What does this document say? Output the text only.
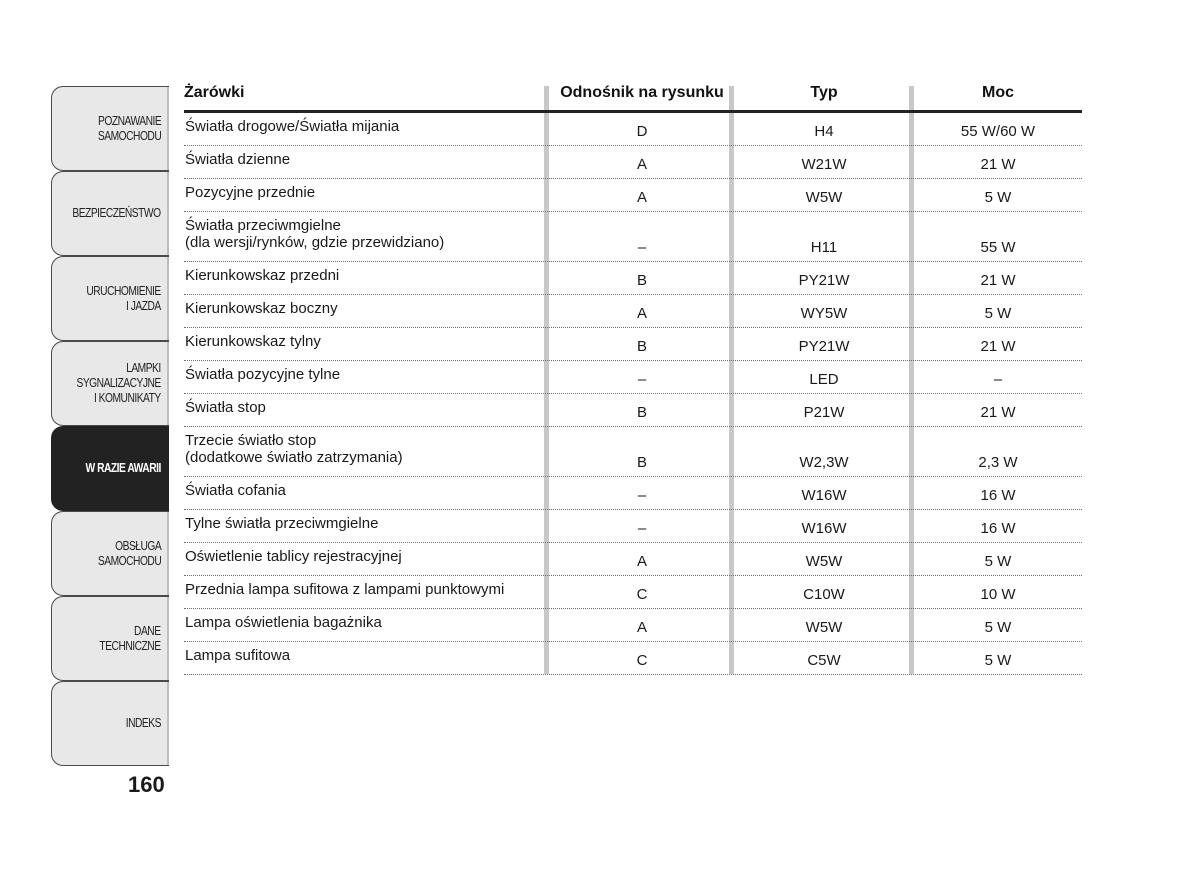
POZNAWANIE
SAMOCHODU
BEZPIECZEŃSTWO
URUCHOMIENIE
I JAZDA
LAMPKI
SYGNALIZACYJNE
I KOMUNIKATY
W RAZIE AWARII
OBSŁUGA
SAMOCHODU
DANE
TECHNICZNE
INDEKS
160
Żarówki	Odnośnik na rysunku	Typ	Moc
Światła drogowe/Światła mijania	D	H4	55 W/60 W
Światła dzienne	A	W21W	21 W
Pozycyjne przednie	A	W5W	5 W
Światła przeciwmgielne
(dla wersji/rynków, gdzie przewidziano)	–	H11	55 W
Kierunkowskaz przedni	B	PY21W	21 W
Kierunkowskaz boczny	A	WY5W	5 W
Kierunkowskaz tylny	B	PY21W	21 W
Światła pozycyjne tylne	–	LED	–
Światła stop	B	P21W	21 W
Trzecie światło stop
(dodatkowe światło zatrzymania)	B	W2,3W	2,3 W
Światła cofania	–	W16W	16 W
Tylne światła przeciwmgielne	–	W16W	16 W
Oświetlenie tablicy rejestracyjnej	A	W5W	5 W
Przednia lampa sufitowa z lampami punktowymi	C	C10W	10 W
Lampa oświetlenia bagażnika	A	W5W	5 W
Lampa sufitowa	C	C5W	5 W
